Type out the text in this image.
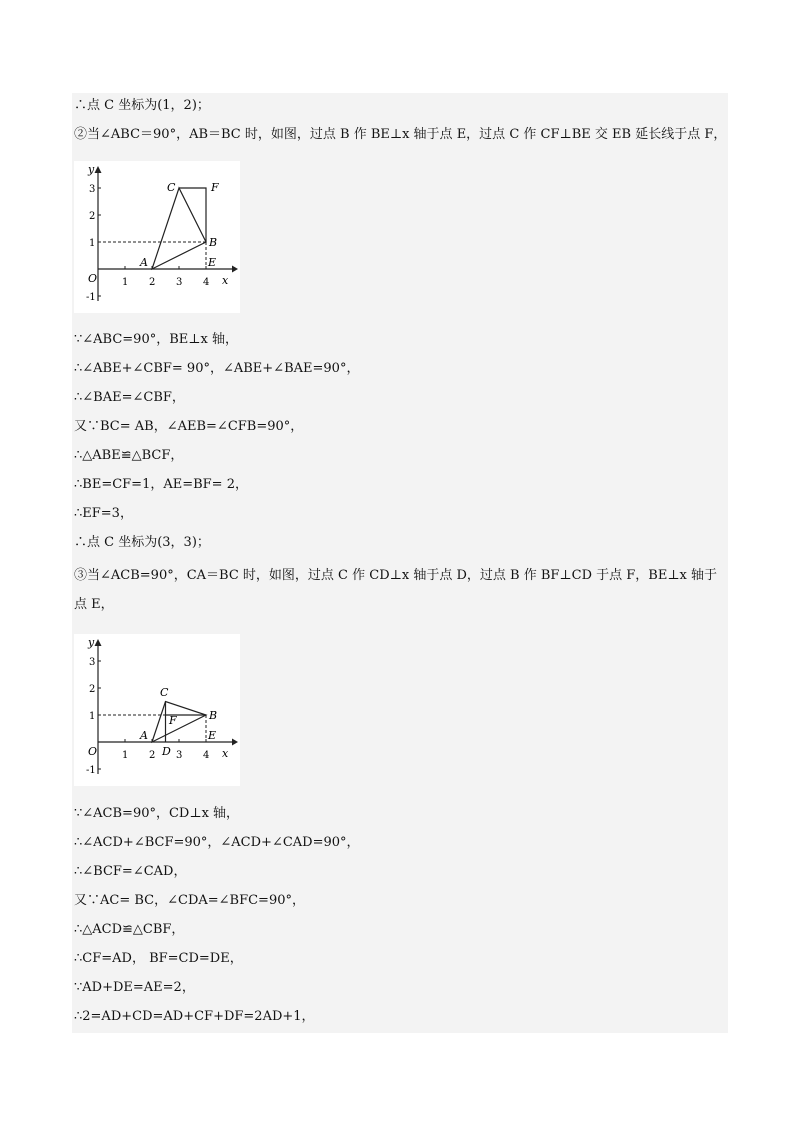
∴点 C 坐标为(1，2)；
②当∠ABC＝90°，AB＝BC 时，如图，过点 B 作 BE⊥x 轴于点 E，过点 C 作 CF⊥BE 交 EB 延长线于点 F，
y
x
O 1 2 3 4
3
2
1
-1
A
B
C
E
F
∵∠ABC=90°，BE⊥x 轴，
∴∠ABE+∠CBF= 90°，∠ABE+∠BAE=90°，
∴∠BAE=∠CBF，
又∵BC= AB，∠AEB=∠CFB=90°，
∴△ABE≌△BCF，
∴BE=CF=1，AE=BF= 2，
∴EF=3，
∴点 C 坐标为(3，3)；
③当∠ACB=90°，CA＝BC 时，如图，过点 C 作 CD⊥x 轴于点 D，过点 B 作 BF⊥CD 于点 F，BE⊥x 轴于
点 E，
y
x
O 1 2 3 4
3
2
1
-1
A
B
C
D
E
F
∵∠ACB=90°，CD⊥x 轴，
∴∠ACD+∠BCF=90°，∠ACD+∠CAD=90°，
∴∠BCF=∠CAD，
又∵AC= BC，∠CDA=∠BFC=90°，
∴△ACD≌△CBF，
∴CF=AD， BF=CD=DE，
∵AD+DE=AE=2，
∴2=AD+CD=AD+CF+DF=2AD+1，
